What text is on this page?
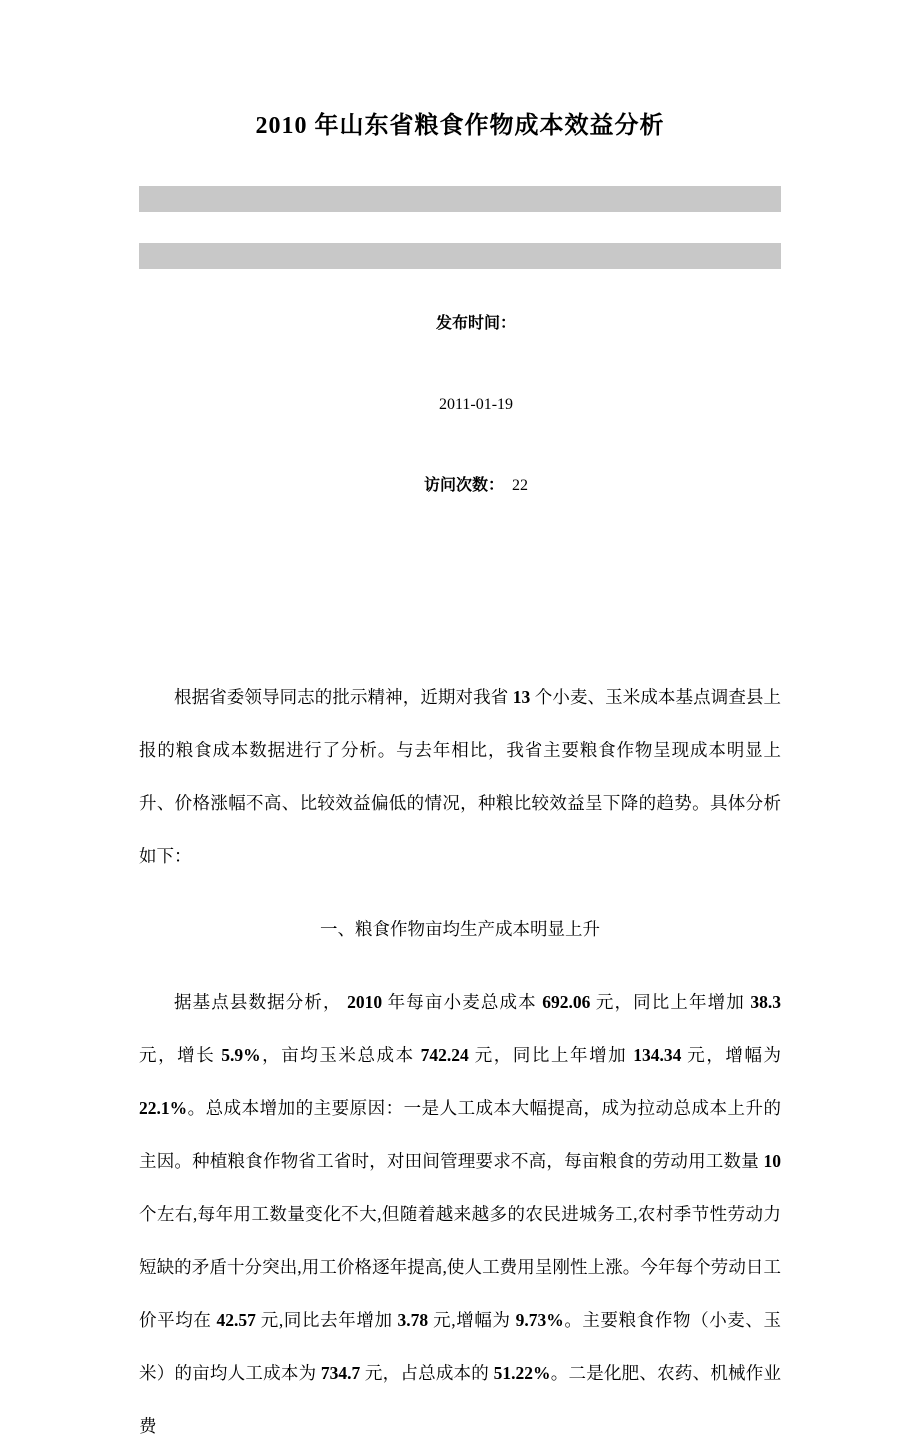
2010 年山东省粮食作物成本效益分析

发布时间：

2011-01-19

访问次数： 22

根据省委领导同志的批示精神，近期对我省 13 个小麦、玉米成本基点调查县上报的粮食成本数据进行了分析。与去年相比，我省主要粮食作物呈现成本明显上升、价格涨幅不高、比较效益偏低的情况，种粮比较效益呈下降的趋势。具体分析如下：

一、粮食作物亩均生产成本明显上升

据基点县数据分析， 2010 年每亩小麦总成本 692.06 元，同比上年增加 38.3 元，增长 5.9%，亩均玉米总成本 742.24 元，同比上年增加 134.34 元，增幅为 22.1%。总成本增加的主要原因：一是人工成本大幅提高，成为拉动总成本上升的主因。种植粮食作物省工省时，对田间管理要求不高，每亩粮食的劳动用工数量 10 个左右,每年用工数量变化不大,但随着越来越多的农民进城务工,农村季节性劳动力短缺的矛盾十分突出,用工价格逐年提高,使人工费用呈刚性上涨。今年每个劳动日工价平均在 42.57 元,同比去年增加 3.78 元,增幅为 9.73%。主要粮食作物（小麦、玉米）的亩均人工成本为 734.7 元，占总成本的 51.22%。二是化肥、农药、机械作业费
